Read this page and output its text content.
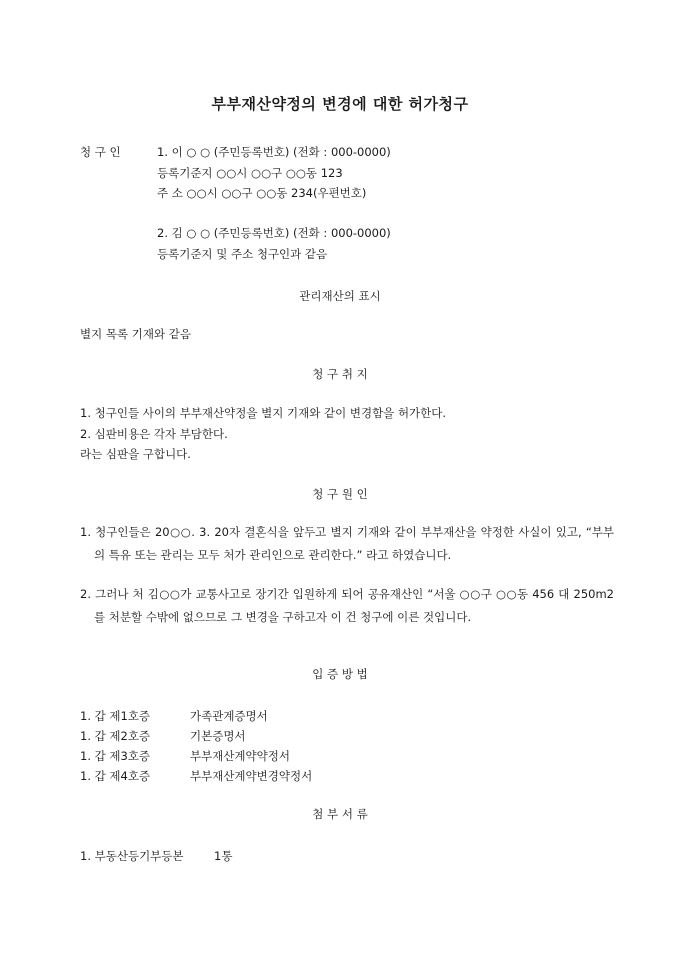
부부재산약정의 변경에 대한 허가청구
청 구 인	1. 이 ○ ○ (주민등록번호) (전화 : 000-0000)
등록기준지 ○○시 ○○구 ○○동 123
주 소 ○○시 ○○구 ○○동 234(우편번호)
2. 김 ○ ○ (주민등록번호) (전화 : 000-0000)
등록기준지 및 주소 청구인과 같음
관리재산의 표시
별지 목록 기재와 같음
청 구 취 지
1. 청구인들 사이의 부부재산약정을 별지 기재와 같이 변경함을 허가한다.
2. 심판비용은 각자 부담한다.
라는 심판을 구합니다.
청 구 원 인
1. 청구인들은 20○○. 3. 20자 결혼식을 앞두고 별지 기재와 같이 부부재산을 약정한 사실이 있고, “부부의 특유 또는 관리는 모두 처가 관리인으로 관리한다.” 라고 하였습니다.
2. 그러나 처 김○○가 교통사고로 장기간 입원하게 되어 공유재산인 “서울 ○○구 ○○동 456 대 250m2를 처분할 수밖에 없으므로 그 변경을 구하고자 이 건 청구에 이른 것입니다.
입 증 방 법
1. 갑 제1호증	가족관계증명서
1. 갑 제2호증	기본증명서
1. 갑 제3호증	부부재산계약약정서
1. 갑 제4호증	부부재산계약변경약정서
첨 부 서 류
1. 부동산등기부등본	1통
